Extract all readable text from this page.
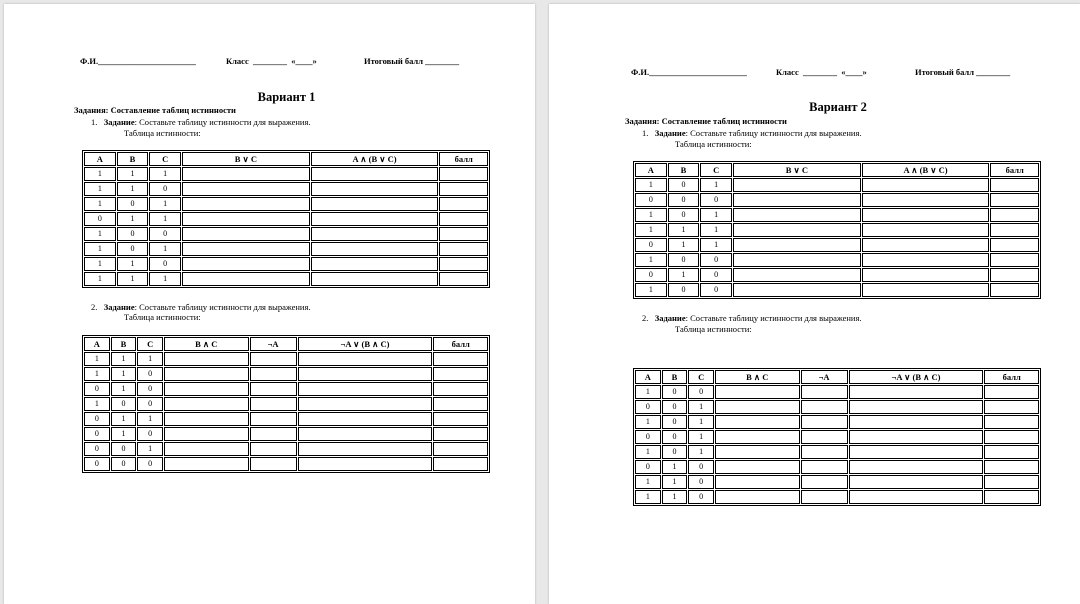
Ф.И._______________________	Класс  ________  «____»	Итоговый балл ________
Вариант 1
Задания: Составление таблиц истинности
1. Задание: Составьте таблицу истинности для выражения.
Таблица истинности:
A	B	C	B ∨ C	A ∧ (B ∨ C)	балл
1	1	1			
1	1	0			
1	0	1			
0	1	1			
1	0	0			
1	0	1			
1	1	0			
1	1	1			
2. Задание: Составьте таблицу истинности для выражения.
Таблица истинности:
A	B	C	B ∧ C	¬A	¬A ∨ (B ∧ C)	балл
1	1	1				
1	1	0				
0	1	0				
1	0	0				
0	1	1				
0	1	0				
0	0	1				
0	0	0				
Ф.И._______________________	Класс  ________  «____»	Итоговый балл ________
Вариант 2
Задания: Составление таблиц истинности
1. Задание: Составьте таблицу истинности для выражения.
Таблица истинности:
A	B	C	B ∨ C	A ∧ (B ∨ C)	балл
1	0	1			
0	0	0			
1	0	1			
1	1	1			
0	1	1			
1	0	0			
0	1	0			
1	0	0			
2. Задание: Составьте таблицу истинности для выражения.
Таблица истинности:
A	B	C	B ∧ C	¬A	¬A ∨ (B ∧ C)	балл
1	0	0				
0	0	1				
1	0	1				
0	0	1				
1	0	1				
0	1	0				
1	1	0				
1	1	0				
